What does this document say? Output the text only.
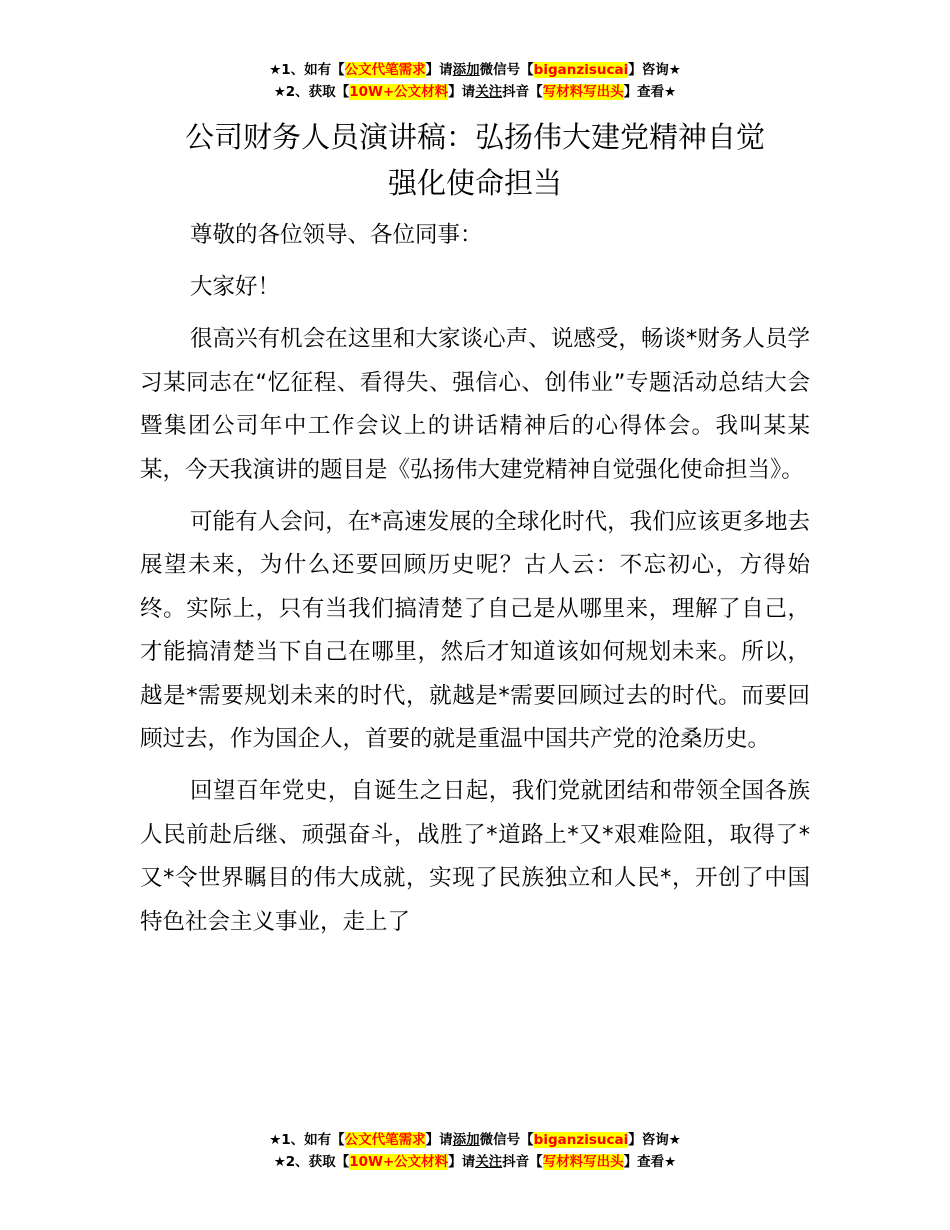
★1、如有【公文代笔需求】请添加微信号【biganzisucai】咨询★
★2、获取【10W+公文材料】请关注抖音【写材料写出头】查看★
公司财务人员演讲稿：弘扬伟大建党精神自觉
强化使命担当

尊敬的各位领导、各位同事：

大家好！

很高兴有机会在这里和大家谈心声、说感受，畅谈*财务人员学习某同志在“忆征程、看得失、强信心、创伟业”专题活动总结大会暨集团公司年中工作会议上的讲话精神后的心得体会。我叫某某某，今天我演讲的题目是《弘扬伟大建党精神自觉强化使命担当》。

可能有人会问，在*高速发展的全球化时代，我们应该更多地去展望未来，为什么还要回顾历史呢？古人云：不忘初心，方得始终。实际上，只有当我们搞清楚了自己是从哪里来，理解了自己，才能搞清楚当下自己在哪里，然后才知道该如何规划未来。所以，越是*需要规划未来的时代，就越是*需要回顾过去的时代。而要回顾过去，作为国企人，首要的就是重温中国共产党的沧桑历史。

回望百年党史，自诞生之日起，我们党就团结和带领全国各族人民前赴后继、顽强奋斗，战胜了*道路上*又*艰难险阻，取得了*又*令世界瞩目的伟大成就，实现了民族独立和人民*，开创了中国特色社会主义事业，走上了

★1、如有【公文代笔需求】请添加微信号【biganzisucai】咨询★
★2、获取【10W+公文材料】请关注抖音【写材料写出头】查看★
